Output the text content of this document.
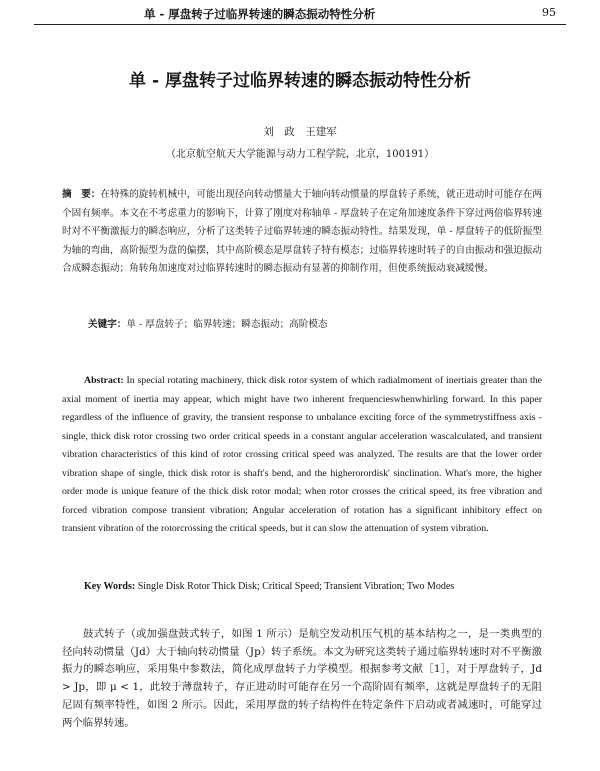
单 - 厚盘转子过临界转速的瞬态振动特性分析	95
单 - 厚盘转子过临界转速的瞬态振动特性分析
刘　政　王建军
（北京航空航天大学能源与动力工程学院，北京，100191）
摘　要：在特殊的旋转机械中，可能出现径向转动惯量大于轴向转动惯量的厚盘转子系统，就正进动时可能存在两个固有频率。本文在不考虑重力的影响下，计算了刚度对称轴单 - 厚盘转子在定角加速度条件下穿过两倍临界转速时对不平衡激振力的瞬态响应，分析了这类转子过临界转速的瞬态振动特性。结果发现，单 - 厚盘转子的低阶振型为轴的弯曲，高阶振型为盘的偏摆，其中高阶模态是厚盘转子特有模态；过临界转速时转子的自由振动和强迫振动合成瞬态振动；角转角加速度对过临界转速时的瞬态振动有显著的抑制作用，但使系统振动衰减缓慢。
关键字：单 - 厚盘转子；临界转速；瞬态振动；高阶模态
Abstract: In special rotating machinery, thick disk rotor system of which radialmoment of inertiais greater than the axial moment of inertia may appear, which might have two inherent frequencieswhenwhirling forward. In this paper regardless of the influence of gravity, the transient response to unbalance exciting force of the symmetrystiffness axis - single, thick disk rotor crossing two order critical speeds in a constant angular acceleration wascalculated, and transient vibration characteristics of this kind of rotor crossing critical speed was analyzed. The results are that the lower order vibration shape of single, thick disk rotor is shaft's bend, and the higherorordisk' sinclination. What's more, the higher order mode is unique feature of the thick disk rotor modal; when rotor crosses the critical speed, its free vibration and forced vibration compose transient vibration; Angular acceleration of rotation has a significant inhibitory effect on transient vibration of the rotorcrossing the critical speeds, but it can slow the attenuation of system vibration.
Key Words: Single Disk Rotor Thick Disk; Critical Speed; Transient Vibration; Two Modes
鼓式转子（或加强盘鼓式转子，如图 1 所示）是航空发动机压气机的基本结构之一，是一类典型的径向转动惯量（Jd）大于轴向转动惯量（Jp）转子系统。本文为研究这类转子通过临界转速时对不平衡激振力的瞬态响应，采用集中参数法，简化成厚盘转子力学模型。根据参考文献［1］，对于厚盘转子，Jd > Jp，即 μ < 1，此较于薄盘转子，存正进动时可能存在另一个高阶固有频率，这就是厚盘转子的无阻尼固有频率特性，如图 2 所示。因此，采用厚盘的转子结构件在特定条件下启动或者减速时，可能穿过两个临界转速。
